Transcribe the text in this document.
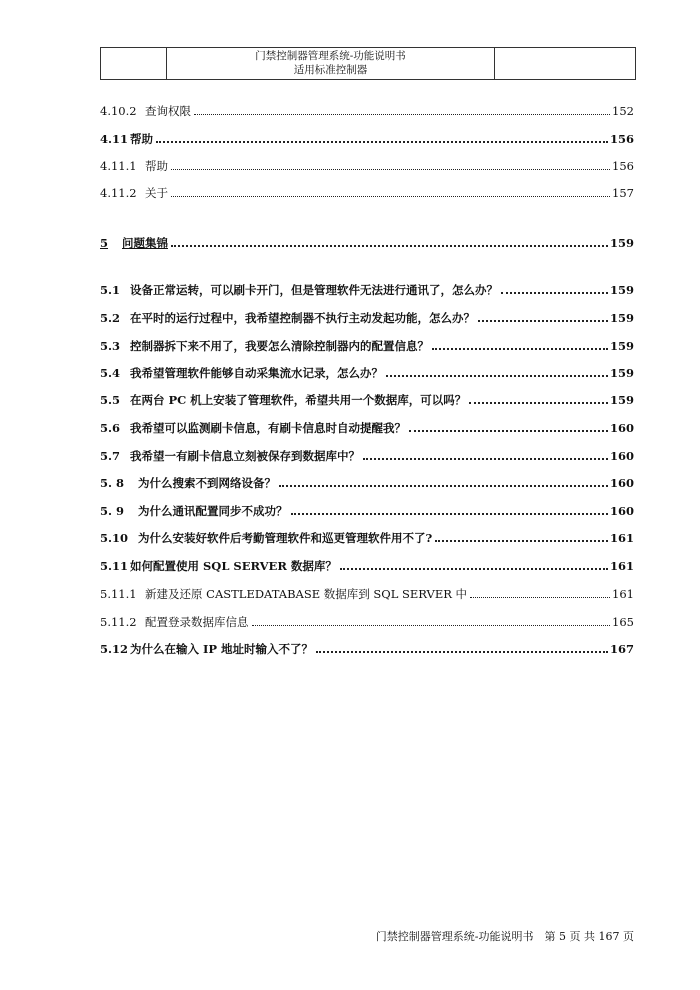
门禁控制器管理系统-功能说明书
适用标准控制器
4.10.2 查询权限	152
4.11 帮助	156
4.11.1 帮助	156
4.11.2 关于	157
5	问题集锦	159
5.1 设备正常运转，可以刷卡开门，但是管理软件无法进行通讯了，怎么办？	159
5.2 在平时的运行过程中，我希望控制器不执行主动发起功能，怎么办？	159
5.3 控制器拆下来不用了，我要怎么清除控制器内的配置信息？	159
5.4 我希望管理软件能够自动采集流水记录，怎么办？	159
5.5 在两台 PC 机上安装了管理软件，希望共用一个数据库，可以吗？	159
5.6 我希望可以监测刷卡信息，有刷卡信息时自动提醒我？	160
5.7 我希望一有刷卡信息立刻被保存到数据库中？	160
5. 8	为什么搜索不到网络设备？	160
5. 9	为什么通讯配置同步不成功？	160
5.10 为什么安装好软件后考勤管理软件和巡更管理软件用不了?	161
5.11 如何配置使用 SQL SERVER 数据库？	161
5.11.1 新建及还原 CASTLEDATABASE 数据库到 SQL SERVER 中	161
5.11.2 配置登录数据库信息	165
5.12 为什么在输入 IP 地址时输入不了？	167
门禁控制器管理系统-功能说明书　第 5 页 共 167 页
